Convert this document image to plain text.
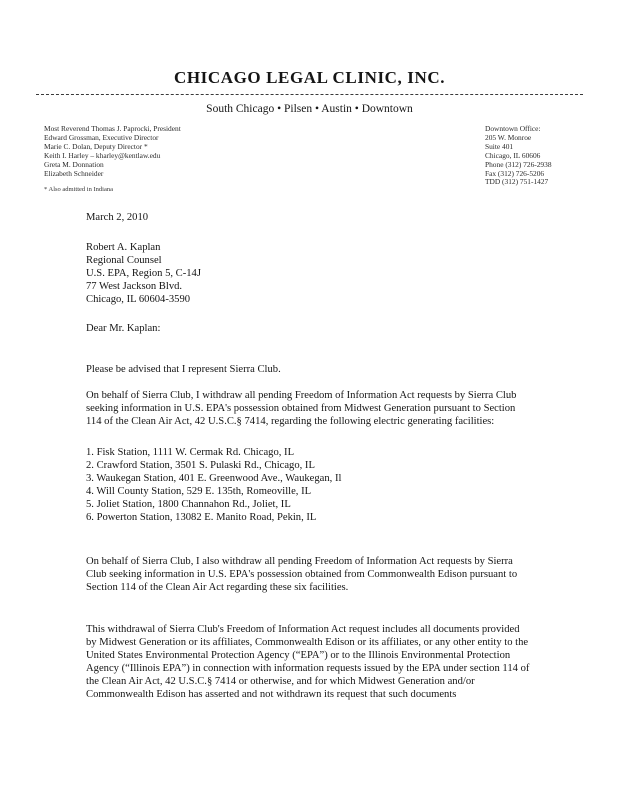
CHICAGO LEGAL CLINIC, INC.
South Chicago • Pilsen • Austin • Downtown
Most Reverend Thomas J. Paprocki, President
Edward Grossman, Executive Director
Marie C. Dolan, Deputy Director *
Keith I. Harley – kharley@kentlaw.edu
Greta M. Donnation
Elizabeth Schneider
Downtown Office:
205 W. Monroe
Suite 401
Chicago, IL 60606
Phone (312) 726-2938
Fax (312) 726-5206
TDD (312) 751-1427
* Also admitted in Indiana
March 2, 2010
Robert A. Kaplan
Regional Counsel
U.S. EPA, Region 5, C-14J
77 West Jackson Blvd.
Chicago, IL 60604-3590
Dear Mr. Kaplan:

Please be advised that I represent Sierra Club.

On behalf of Sierra Club, I withdraw all pending Freedom of Information Act requests by Sierra Club seeking information in U.S. EPA's possession obtained from Midwest Generation pursuant to Section 114 of the Clean Air Act, 42 U.S.C.§ 7414, regarding the following electric generating facilities:

1. Fisk Station, 1111 W. Cermak Rd. Chicago, IL
2. Crawford Station, 3501 S. Pulaski Rd., Chicago, IL
3. Waukegan Station, 401 E. Greenwood Ave., Waukegan, Il
4. Will County Station, 529 E. 135th, Romeoville, IL
5. Joliet Station, 1800 Channahon Rd., Joliet, IL
6. Powerton Station, 13082 E. Manito Road, Pekin, IL

On behalf of Sierra Club, I also withdraw all pending Freedom of Information Act requests by Sierra Club seeking information in U.S. EPA's possession obtained from Commonwealth Edison pursuant to Section 114 of the Clean Air Act regarding these six facilities.

This withdrawal of Sierra Club's Freedom of Information Act request includes all documents provided by Midwest Generation or its affiliates, Commonwealth Edison or its affiliates, or any other entity to the United States Environmental Protection Agency (“EPA”) or to the Illinois Environmental Protection Agency (“Illinois EPA”) in connection with information requests issued by the EPA under section 114 of the Clean Air Act, 42 U.S.C.§ 7414 or otherwise, and for which Midwest Generation and/or Commonwealth Edison has asserted and not withdrawn its request that such documents
